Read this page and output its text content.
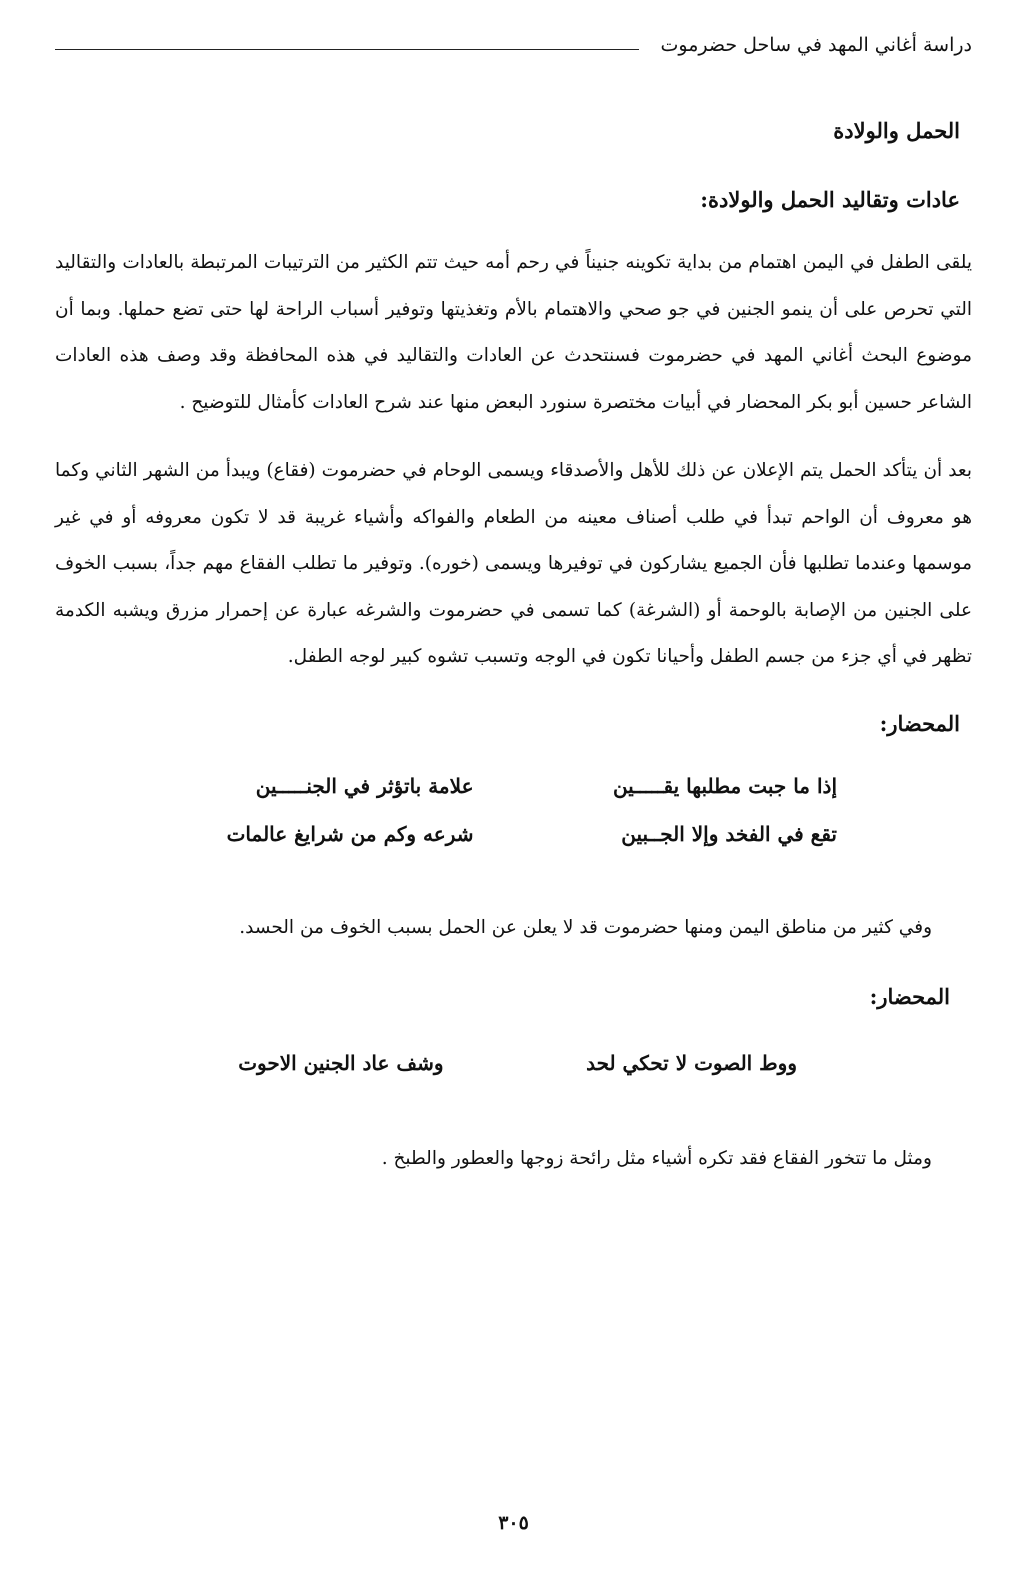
دراسة أغاني المهد في ساحل حضرموت
الحمل والولادة
عادات وتقاليد الحمل والولادة:

يلقى الطفل في اليمن اهتمام من بداية تكوينه جنيناً في رحم أمه حيث تتم الكثير من الترتيبات المرتبطة بالعادات والتقاليد التي تحرص على أن ينمو الجنين في جو صحي والاهتمام بالأم وتغذيتها وتوفير أسباب الراحة لها حتى تضع حملها. وبما أن موضوع البحث أغاني المهد في حضرموت فسنتحدث عن العادات والتقاليد في هذه المحافظة وقد وصف هذه العادات الشاعر حسين أبو بكر المحضار في أبيات مختصرة سنورد البعض منها عند شرح العادات كأمثال للتوضيح .

بعد أن يتأكد الحمل يتم الإعلان عن ذلك للأهل والأصدقاء ويسمى الوحام في حضرموت (فقاع) ويبدأ من الشهر الثاني وكما هو معروف أن الواحم تبدأ في طلب أصناف معينه من الطعام والفواكه وأشياء غريبة قد لا تكون معروفه أو في غير موسمها وعندما تطلبها فأن الجميع يشاركون في توفيرها ويسمى (خوره). وتوفير ما تطلب الفقاع مهم جداً، بسبب الخوف على الجنين من الإصابة بالوحمة أو (الشرغة) كما تسمى في حضرموت والشرغه عبارة عن إحمرار مزرق ويشبه الكدمة تظهر في أي جزء من جسم الطفل وأحيانا تكون في الوجه وتسبب تشوه كبير لوجه الطفل.

المحضار:
إذا ما جبت مطلبها يقـــــين	علامة باتؤثر في الجنـــــين
تقع في الفخد وإلا الجــبين	شرعه وكم من شرايغ عالمات

وفي كثير من مناطق اليمن ومنها حضرموت قد لا يعلن عن الحمل بسبب الخوف من الحسد.

المحضار:
ووط الصوت لا تحكي لحد	وشف عاد الجنين الاحوت

ومثل ما تتخور الفقاع فقد تكره أشياء مثل رائحة زوجها والعطور والطبخ .

٣٠٥
